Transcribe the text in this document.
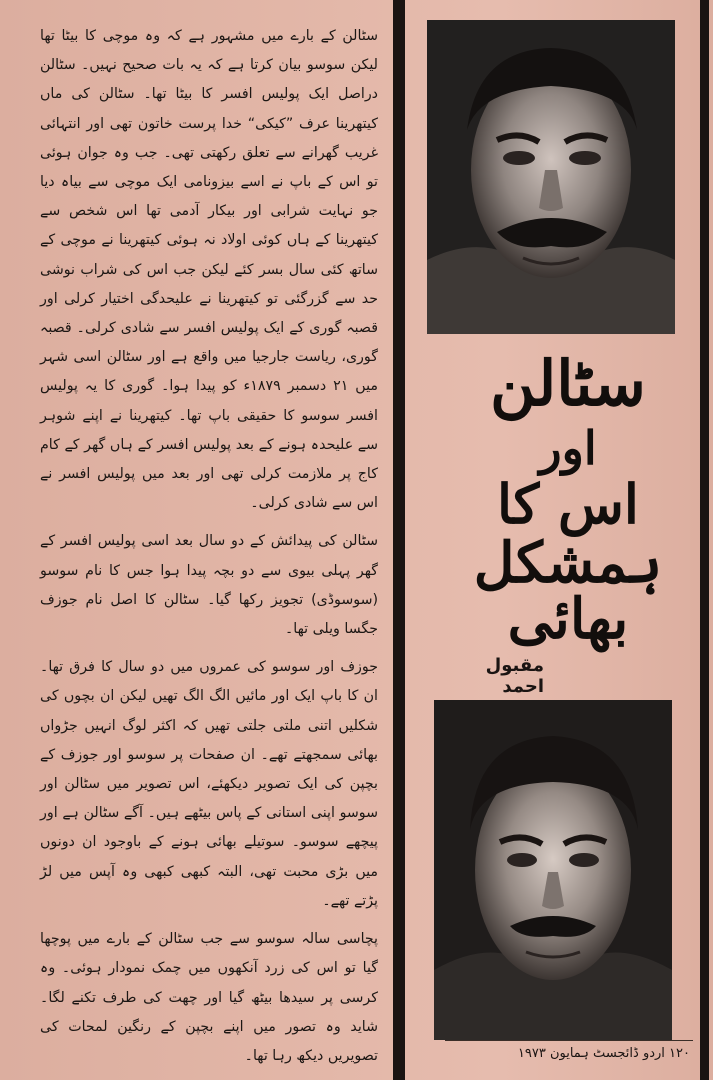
سٹالن کے بارے میں مشہور ہے کہ وہ موچی کا بیٹا تھا لیکن سوسو بیان کرتا ہے کہ یہ بات صحیح نہیں۔ سٹالن دراصل ایک پولیس افسر کا بیٹا تھا۔ سٹالن کی ماں کیتھرینا عرف ”کیکی“ خدا پرست خاتون تھی اور انتہائی غریب گھرانے سے تعلق رکھتی تھی۔ جب وہ جوان ہوئی تو اس کے باپ نے اسے بیزونامی ایک موچی سے بیاہ دیا جو نہایت شرابی اور بیکار آدمی تھا اس شخص سے کیتھرینا کے ہاں کوئی اولاد نہ ہوئی کیتھرینا نے موچی کے ساتھ کئی سال بسر کئے لیکن جب اس کی شراب نوشی حد سے گزرگئی تو کیتھرینا نے علیحدگی اختیار کرلی اور قصبہ گوری کے ایک پولیس افسر سے شادی کرلی۔ قصبہ گوری، ریاست جارجیا میں واقع ہے اور سٹالن اسی شہر میں ۲۱ دسمبر ۱۸۷۹ء کو پیدا ہوا۔ گوری کا یہ پولیس افسر سوسو کا حقیقی باپ تھا۔ کیتھرینا نے اپنے شوہر سے علیحدہ ہونے کے بعد پولیس افسر کے ہاں گھر کے کام کاج پر ملازمت کرلی تھی اور بعد میں پولیس افسر نے اس سے شادی کرلی۔

سٹالن کی پیدائش کے دو سال بعد اسی پولیس افسر کے گھر پہلی بیوی سے دو بچہ پیدا ہوا جس کا نام سوسو (سوسوڈی) تجویز رکھا گیا۔ سٹالن کا اصل نام جوزف جگسا ویلی تھا۔

جوزف اور سوسو کی عمروں میں دو سال کا فرق تھا۔ ان کا باپ ایک اور مائیں الگ الگ تھیں لیکن ان بچوں کی شکلیں اتنی ملتی جلتی تھیں کہ اکثر لوگ انہیں جڑواں بھائی سمجھتے تھے۔ ان صفحات پر سوسو اور جوزف کے بچپن کی ایک تصویر دیکھئے، اس تصویر میں سٹالن اور سوسو اپنی استانی کے پاس بیٹھے ہیں۔ آگے سٹالن ہے اور پیچھے سوسو۔ سوتیلے بھائی ہونے کے باوجود ان دونوں میں بڑی محبت تھی، البتہ کبھی کبھی وہ آپس میں لڑ پڑتے تھے۔

پچاسی سالہ سوسو سے جب سٹالن کے بارے میں پوچھا گیا تو اس کی زرد آنکھوں میں چمک نمودار ہوئی۔ وہ کرسی پر سیدھا بیٹھ گیا اور چھت کی طرف تکنے لگا۔ شاید وہ تصور میں اپنے بچپن کے رنگین لمحات کی تصویریں دیکھ رہا تھا۔

سٹالن
اور
اس کا
ہمشکل بھائی
مقبول احمد
۱۲۰ اردو ڈائجسٹ ہمایون ۱۹۷۳
